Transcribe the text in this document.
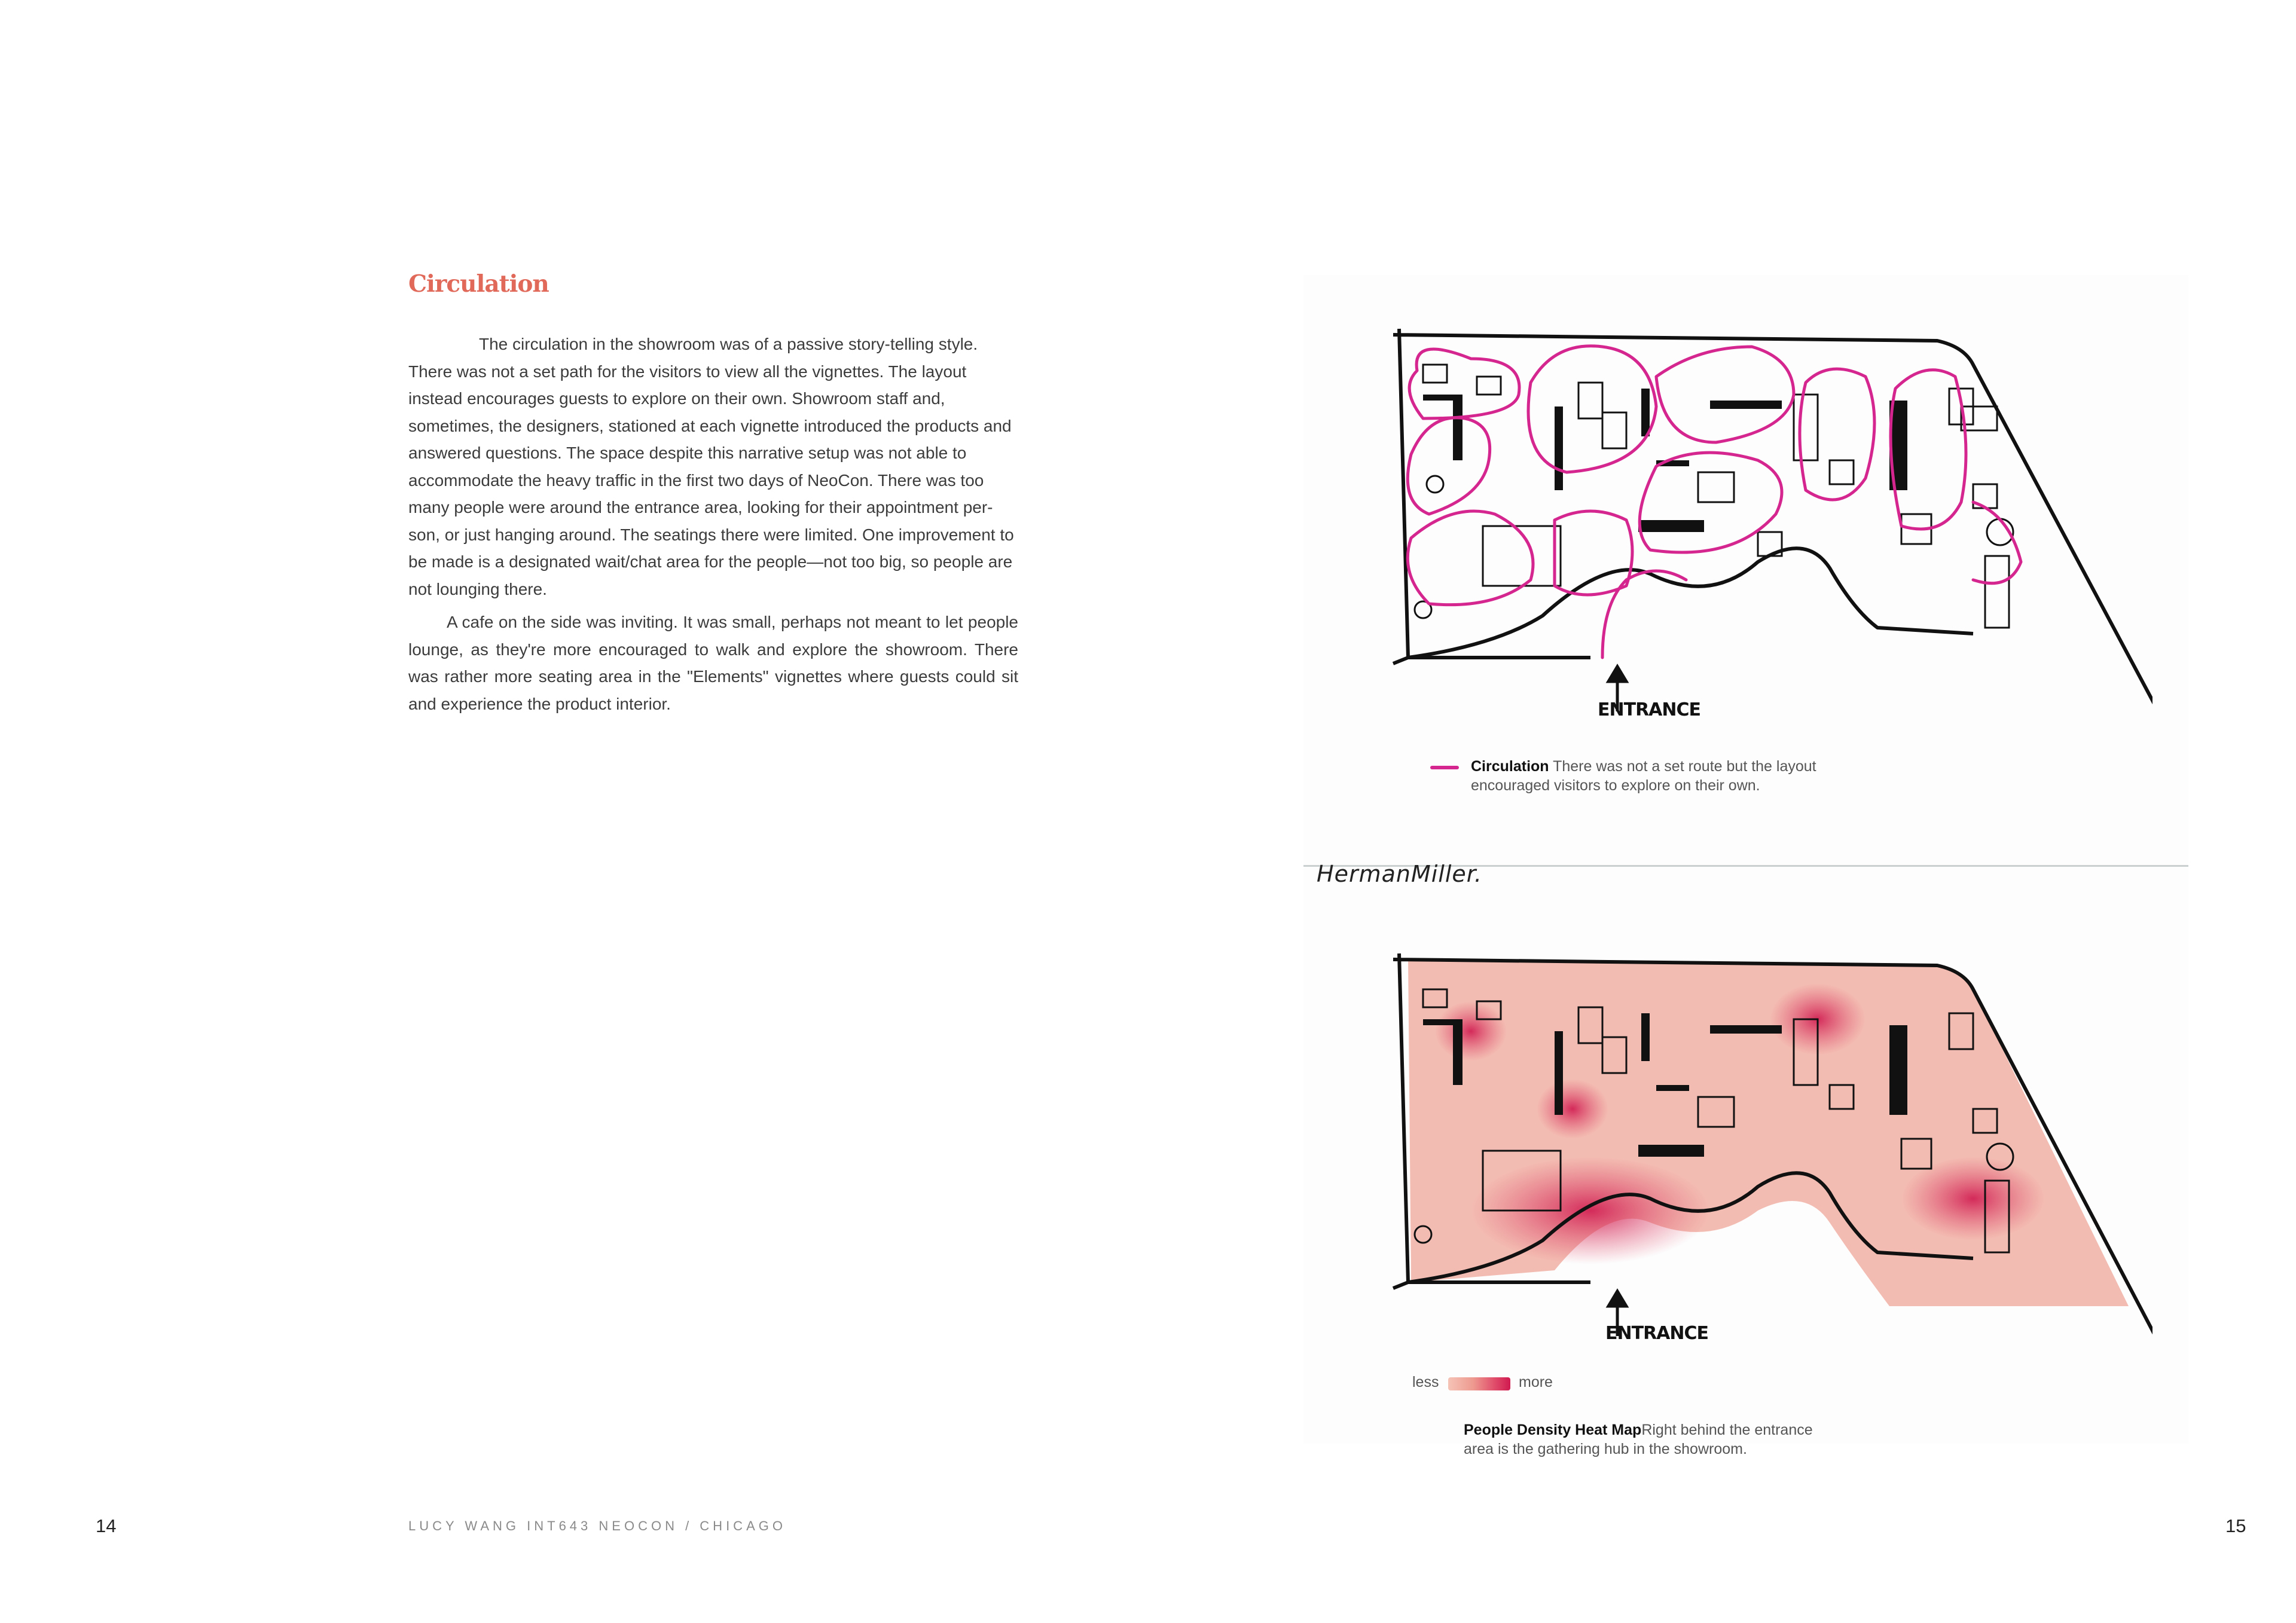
Circulation

The circulation in the showroom was of a passive story-telling style. There was not a set path for the visitors to view all the vignettes. The layout instead encourages guests to explore on their own. Showroom staff and, sometimes, the designers, stationed at each vignette introduced the products and answered questions. The space despite this narrative setup was not able to accommodate the heavy traffic in the first two days of NeoCon. There was too many people were around the entrance area, looking for their appointment per-son, or just hanging around. The seatings there were limited. One improvement to be made is a designated wait/chat area for the people—not too big, so people are not lounging there.

A cafe on the side was inviting. It was small, perhaps not meant to let people lounge, as they're more encouraged to walk and explore the showroom. There was rather more seating area in the "Elements" vignettes where guests could sit and experience the product interior.

14	LUCY WANG INT643 NEOCON / CHICAGO
HermanMiller.
ENTRANCE
Circulation There was not a set route but the layout encouraged visitors to explore on their own.
ENTRANCE
less	more
People Density Heat MapRight behind the entrance area is the gathering hub in the showroom.
15
